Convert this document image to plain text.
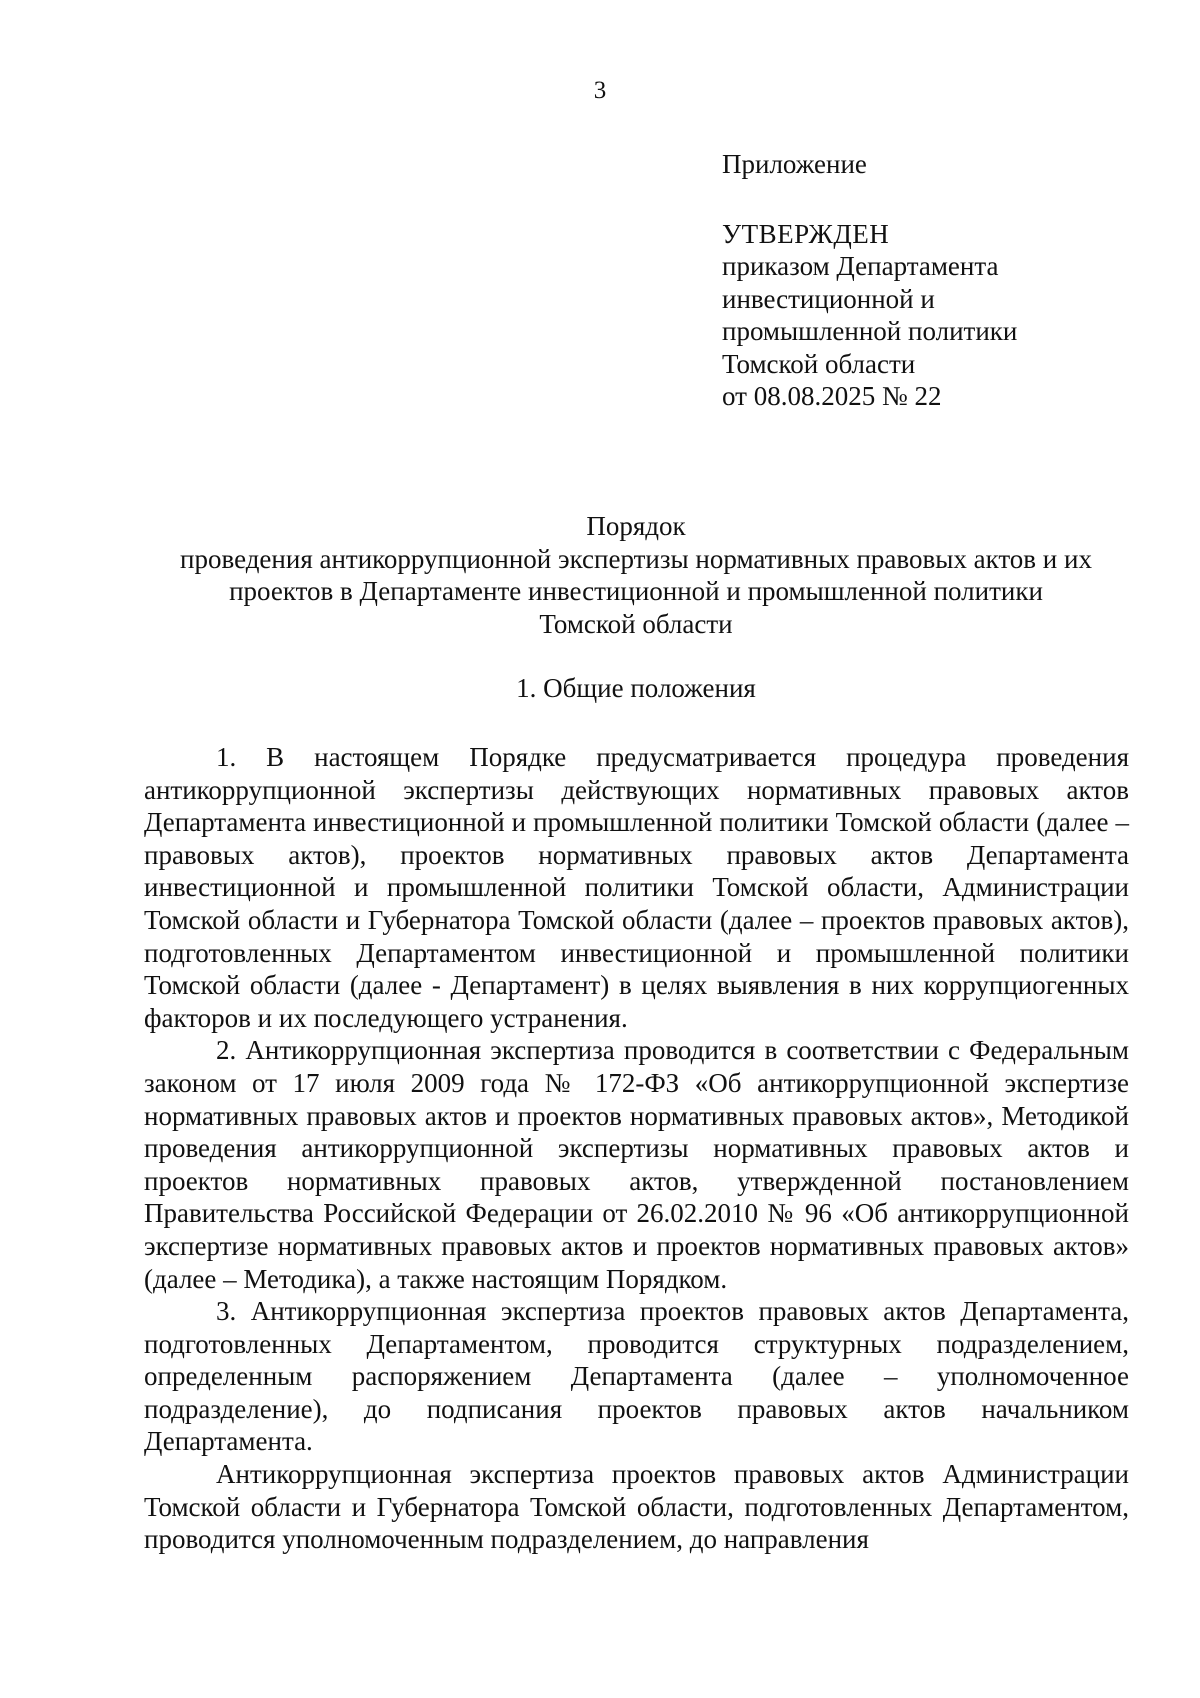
3

Приложение

УТВЕРЖДЕН

приказом Департамента

инвестиционной и

промышленной политики

Томской области

от 08.08.2025 № 22

Порядок
проведения антикоррупционной экспертизы нормативных правовых актов и их
проектов в Департаменте инвестиционной и промышленной политики
Томской области
1. Общие положения

1. В настоящем Порядке предусматривается процедура проведения антикоррупционной экспертизы действующих нормативных правовых актов Департамента инвестиционной и промышленной политики Томской области (далее – правовых актов), проектов нормативных правовых актов Департамента инвестиционной и промышленной политики Томской области, Администрации Томской области и Губернатора Томской области (далее – проектов правовых актов), подготовленных Департаментом инвестиционной и промышленной политики Томской области (далее - Департамент) в целях выявления в них коррупциогенных факторов и их последующего устранения.

2. Антикоррупционная экспертиза проводится в соответствии с Федеральным законом от 17 июля 2009 года № 172-ФЗ «Об антикоррупционной экспертизе нормативных правовых актов и проектов нормативных правовых актов», Методикой проведения антикоррупционной экспертизы нормативных правовых актов и проектов нормативных правовых актов, утвержденной постановлением Правительства Российской Федерации от 26.02.2010 № 96 «Об антикоррупционной экспертизе нормативных правовых актов и проектов нормативных правовых актов» (далее – Методика), а также настоящим Порядком.

3. Антикоррупционная экспертиза проектов правовых актов Департамента, подготовленных Департаментом, проводится структурных подразделением, определенным распоряжением Департамента (далее – уполномоченное подразделение), до подписания проектов правовых актов начальником Департамента.

Антикоррупционная экспертиза проектов правовых актов Администрации Томской области и Губернатора Томской области, подготовленных Департаментом, проводится уполномоченным подразделением, до направления
